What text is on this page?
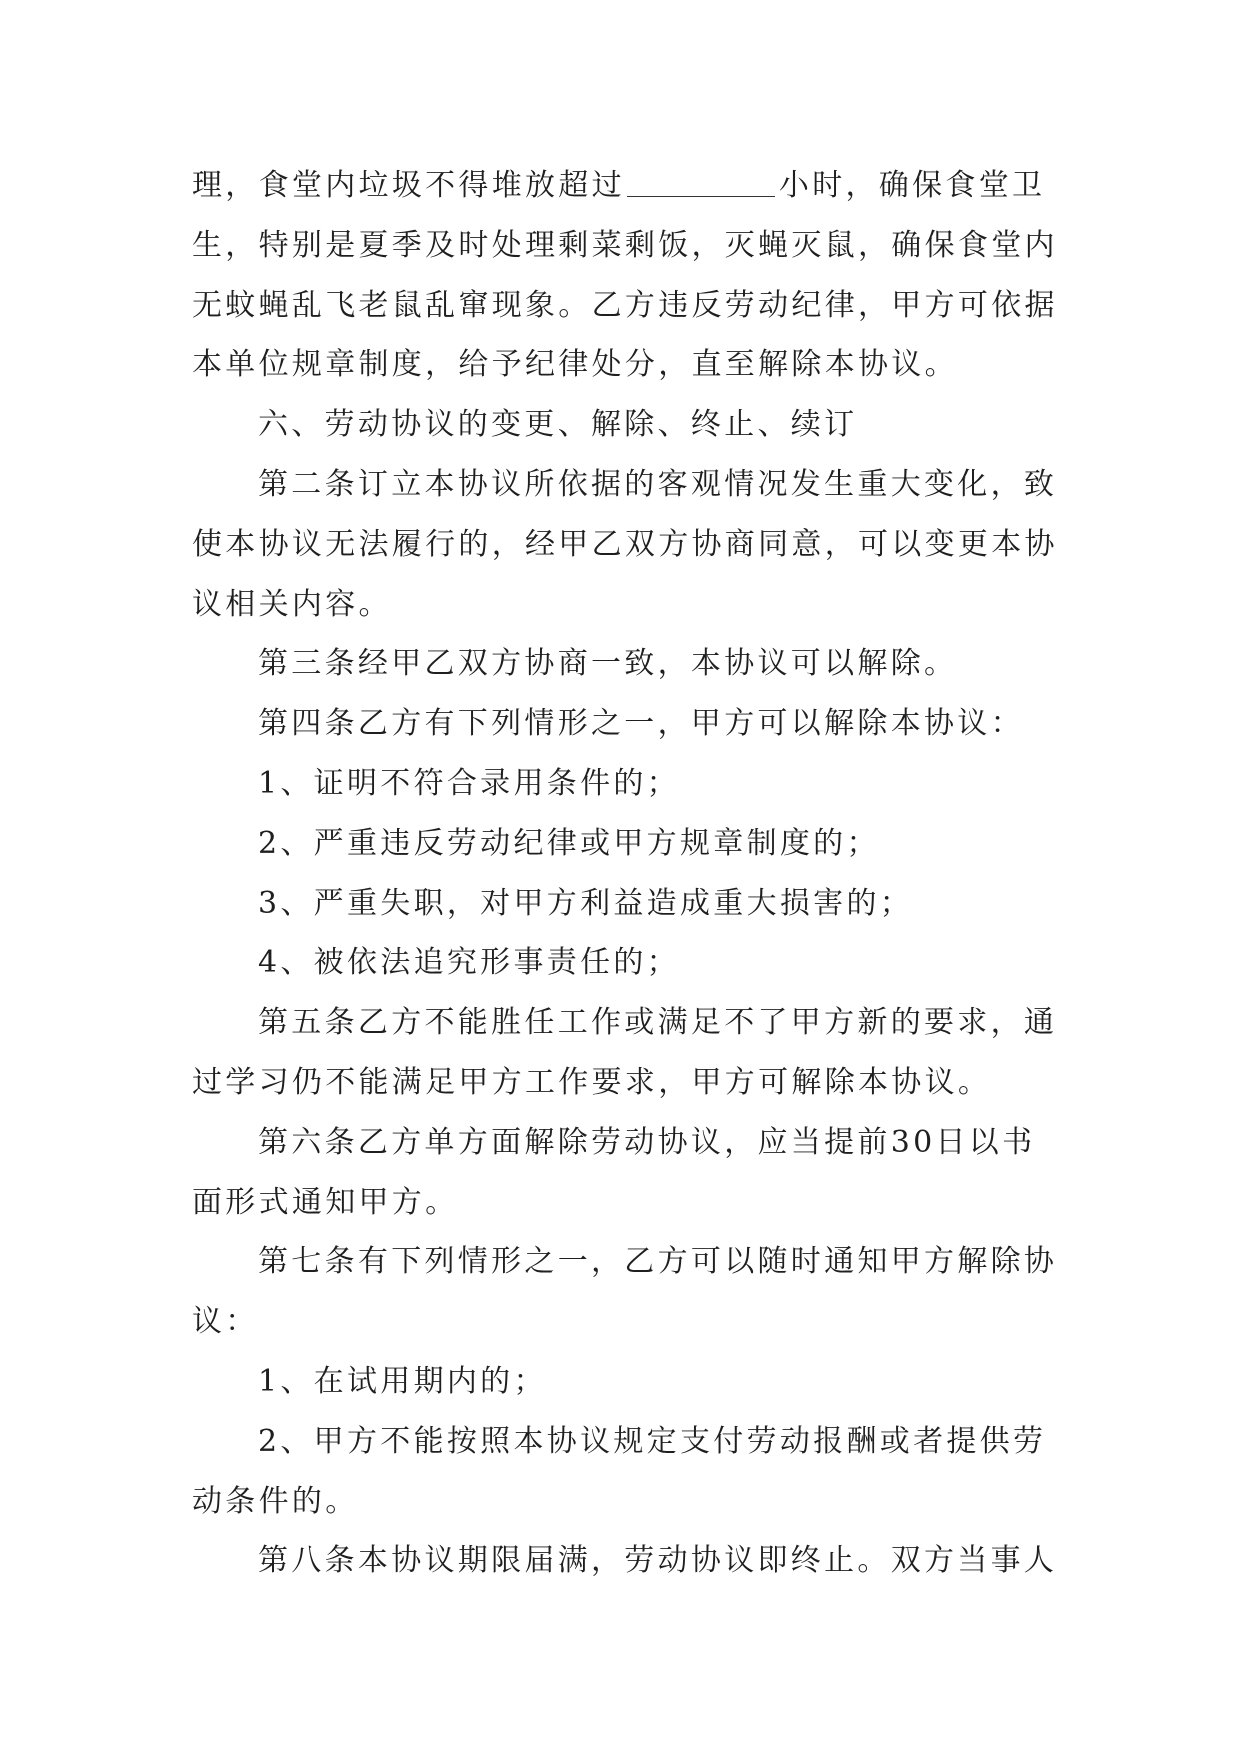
理，食堂内垃圾不得堆放超过	小时，确保食堂卫
生，特别是夏季及时处理剩菜剩饭，灭蝇灭鼠，确保食堂内
无蚊蝇乱飞老鼠乱窜现象。乙方违反劳动纪律，甲方可依据
本单位规章制度，给予纪律处分，直至解除本协议。
六、劳动协议的变更、解除、终止、续订
第二条订立本协议所依据的客观情况发生重大变化，致
使本协议无法履行的，经甲乙双方协商同意，可以变更本协
议相关内容。
第三条经甲乙双方协商一致，本协议可以解除。
第四条乙方有下列情形之一，甲方可以解除本协议：
1、证明不符合录用条件的；
2、严重违反劳动纪律或甲方规章制度的；
3、严重失职，对甲方利益造成重大损害的；
4、被依法追究形事责任的；
第五条乙方不能胜任工作或满足不了甲方新的要求，通
过学习仍不能满足甲方工作要求，甲方可解除本协议。
第六条乙方单方面解除劳动协议，应当提前30日以书
面形式通知甲方。
第七条有下列情形之一，乙方可以随时通知甲方解除协
议：
1、在试用期内的；
2、甲方不能按照本协议规定支付劳动报酬或者提供劳
动条件的。
第八条本协议期限届满，劳动协议即终止。双方当事人
